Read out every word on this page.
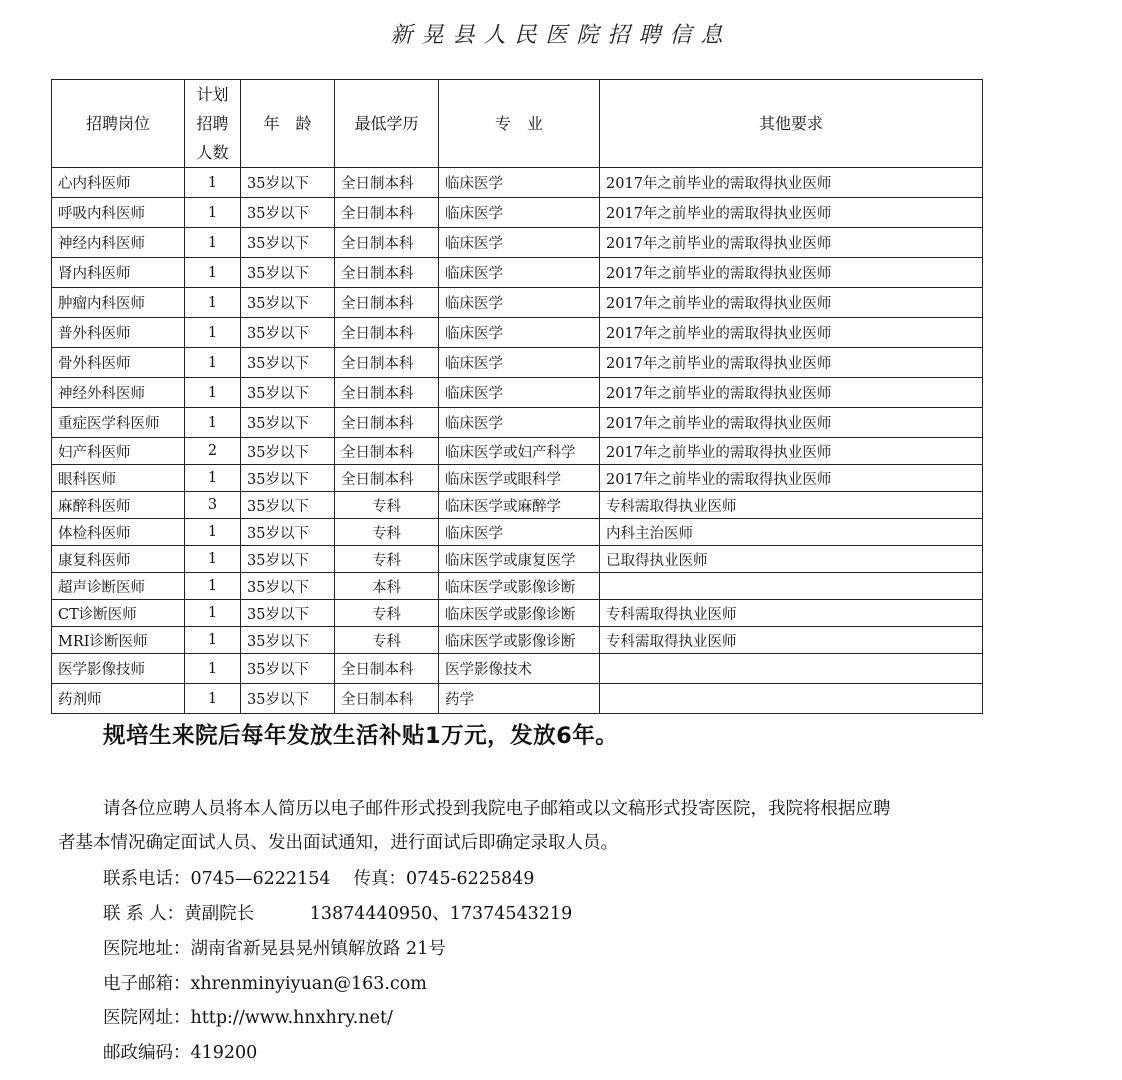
新晃县人民医院招聘信息
招聘岗位	计划招聘人数	年　龄	最低学历	专　业	其他要求
心内科医师	1	35岁以下	全日制本科	临床医学	2017年之前毕业的需取得执业医师
呼吸内科医师	1	35岁以下	全日制本科	临床医学	2017年之前毕业的需取得执业医师
神经内科医师	1	35岁以下	全日制本科	临床医学	2017年之前毕业的需取得执业医师
肾内科医师	1	35岁以下	全日制本科	临床医学	2017年之前毕业的需取得执业医师
肿瘤内科医师	1	35岁以下	全日制本科	临床医学	2017年之前毕业的需取得执业医师
普外科医师	1	35岁以下	全日制本科	临床医学	2017年之前毕业的需取得执业医师
骨外科医师	1	35岁以下	全日制本科	临床医学	2017年之前毕业的需取得执业医师
神经外科医师	1	35岁以下	全日制本科	临床医学	2017年之前毕业的需取得执业医师
重症医学科医师	1	35岁以下	全日制本科	临床医学	2017年之前毕业的需取得执业医师
妇产科医师	2	35岁以下	全日制本科	临床医学或妇产科学	2017年之前毕业的需取得执业医师
眼科医师	1	35岁以下	全日制本科	临床医学或眼科学	2017年之前毕业的需取得执业医师
麻醉科医师	3	35岁以下	专科	临床医学或麻醉学	专科需取得执业医师
体检科医师	1	35岁以下	专科	临床医学	内科主治医师
康复科医师	1	35岁以下	专科	临床医学或康复医学	已取得执业医师
超声诊断医师	1	35岁以下	本科	临床医学或影像诊断	
CT诊断医师	1	35岁以下	专科	临床医学或影像诊断	专科需取得执业医师
MRI诊断医师	1	35岁以下	专科	临床医学或影像诊断	专科需取得执业医师
医学影像技师	1	35岁以下	全日制本科	医学影像技术	
药剂师	1	35岁以下	全日制本科	药学	
规培生来院后每年发放生活补贴1万元，发放6年。
请各位应聘人员将本人简历以电子邮件形式投到我院电子邮箱或以文稿形式投寄医院，我院将根据应聘
者基本情况确定面试人员、发出面试通知，进行面试后即确定录取人员。
联系电话：0745—6222154　 传真：0745-6225849
联 系 人：黄副院长          13874440950、17374543219
医院地址：湖南省新晃县晃州镇解放路 21号
电子邮箱：xhrenminyiyuan@163.com
医院网址：http://www.hnxhry.net/
邮政编码：419200
